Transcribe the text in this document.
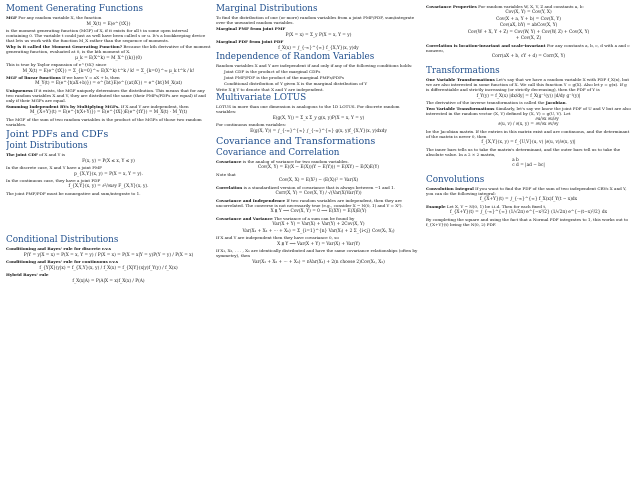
Moment Generating Functions

MGF For any random variable X, the function

M_X(t) = E(e^{tX})

is the moment generating function (MGF) of X, if it exists for all t in some open interval containing 0. The variable t could just as well have been called s or u. It's a bookkeeping device that lets us work with the function M_X rather than the sequence of moments.

Why is it called the Moment Generating Function? Because the kth derivative of the moment generating function, evaluated at 0, is the kth moment of X.

μ_k = E(X^k) = M_X^{(k)}(0)

This is true by Taylor expansion of e^{tX} since

M_X(t) = E(e^{tX}) = Σ_{k=0}^∞ E(X^k) t^k / k! = Σ_{k=0}^∞ μ_k t^k / k!

MGF of linear functions If we have Y = aX + b, then

M_Y(t) = E(e^{t(aX+b)}) = e^{bt}E(e^{(at)X}) = e^{bt}M_X(at)

Uniqueness If it exists, the MGF uniquely determines the distribution. This means that for any two random variables X and Y, they are distributed the same (their PMFs/PDFs are equal) if and only if their MGFs are equal.

Summing Independent RVs by Multiplying MGFs. If X and Y are independent, then

M_{X+Y}(t) = E(e^{t(X+Y)}) = E(e^{tX})E(e^{tY}) = M_X(t) · M_Y(t)

The MGF of the sum of two random variables is the product of the MGFs of those two random variables.

Joint PDFs and CDFs
Joint Distributions

The joint CDF of X and Y is

F(x, y) = P(X ≤ x, Y ≤ y)

In the discrete case, X and Y have a joint PMF

p_{X,Y}(x, y) = P(X = x, Y = y).

In the continuous case, they have a joint PDF

f_{X,Y}(x, y) = ∂²/∂x∂y F_{X,Y}(x, y).

The joint PMF/PDF must be nonnegative and sum/integrate to 1.

Conditional Distributions

Conditioning and Bayes' rule for discrete r.v.s

P(Y = y|X = x) = P(X = x, Y = y) / P(X = x) = P(X = x|Y = y)P(Y = y) / P(X = x)

Conditioning and Bayes' rule for continuous r.v.s

f_{Y|X}(y|x) = f_{X,Y}(x, y) / f_X(x) = f_{X|Y}(x|y)f_Y(y) / f_X(x)

Hybrid Bayes' rule

f_X(x|A) = P(A|X = x)f_X(x) / P(A)
Marginal Distributions

To find the distribution of one (or more) random variables from a joint PMF/PDF, sum/integrate over the unwanted random variables.

Marginal PMF from joint PMF

P(X = x) = Σ_y P(X = x, Y = y)

Marginal PDF from joint PDF

f_X(x) = ∫_{-∞}^{∞} f_{X,Y}(x, y)dy
Independence of Random Variables

Random variables X and Y are independent if and only if any of the following conditions holds:

• Joint CDF is the product of the marginal CDFs
• Joint PMF/PDF is the product of the marginal PMFs/PDFs
• Conditional distribution of Y given X is the marginal distribution of Y

Write X ⫫ Y to denote that X and Y are independent.

Multivariate LOTUS

LOTUS in more than one dimension is analogous to the 1D LOTUS. For discrete random variables:

E(g(X, Y)) = Σ_x Σ_y g(x, y)P(X = x, Y = y)

For continuous random variables:

E(g(X, Y)) = ∫_{-∞}^{∞} ∫_{-∞}^{∞} g(x, y)f_{X,Y}(x, y)dxdy
Covariance and Transformations
Covariance and Correlation

Covariance is the analog of variance for two random variables.

Cov(X, Y) = E((X − E(X))(Y − E(Y))) = E(XY) − E(X)E(Y)

Note that

Cov(X, X) = E(X²) − (E(X))² = Var(X)

Correlation is a standardized version of covariance that is always between −1 and 1.

Corr(X, Y) = Cov(X, Y) / √(Var(X)Var(Y))

Covariance and Independence If two random variables are independent, then they are uncorrelated. The converse is not necessarily true (e.g., consider X ~ N(0, 1) and Y = X²).

X ⫫ Y ⟹ Cov(X, Y) = 0 ⟹ E(XY) = E(X)E(Y)

Covariance and Variance The variance of a sum can be found by

Var(X + Y) = Var(X) + Var(Y) + 2Cov(X, Y)
Var(X₁ + X₂ + ··· + Xₙ) = Σ_{i=1}^{n} Var(Xᵢ) + 2 Σ_{i<j} Cov(Xᵢ, Xⱼ)

If X and Y are independent then they have covariance 0, so

X ⫫ Y ⟹ Var(X + Y) = Var(X) + Var(Y)

If X₁, X₂, . . . , Xₙ are identically distributed and have the same covariance relationships (often by symmetry), then

Var(X₁ + X₂ + ··· + Xₙ) = nVar(X₁) + 2(n choose 2)Cov(X₁, X₂)

Covariance Properties For random variables W, X, Y, Z and constants a, b:

Cov(X, Y) = Cov(Y, X)
Cov(X + a, Y + b) = Cov(X, Y)
Cov(aX, bY) = abCov(X, Y)
Cov(W + X, Y + Z) = Cov(W, Y) + Cov(W, Z) + Cov(X, Y)
+ Cov(X, Z)

Correlation is location-invariant and scale-invariant For any constants a, b, c, d with a and c nonzero,

Corr(aX + b, cY + d) = Corr(X, Y)
Transformations

One Variable Transformations Let's say that we have a random variable X with PDF f_X(x), but we are also interested in some function of X. We call this function Y = g(X). Also let y = g(x). If g is differentiable and strictly increasing (or strictly decreasing), then the PDF of Y is

f_Y(y) = f_X(x) |dx/dy| = f_X(g⁻¹(y)) |d/dy g⁻¹(y)|

The derivative of the inverse transformation is called the Jacobian.

Two Variable Transformations Similarly, let's say we know the joint PDF of U and V but are also interested in the random vector (X, Y) defined by (X, Y) = g(U, V). Let

∂(u, v) / ∂(x, y) =
∂u/∂x ∂u/∂y
∂v/∂x ∂v/∂y

be the Jacobian matrix. If the entries in this matrix exist and are continuous, and the determinant of the matrix is never 0, then

f_{X,Y}(x, y) = f_{U,V}(u, v) |∂(u, v)/∂(x, y)|

The inner bars tells us to take the matrix's determinant, and the outer bars tell us to take the absolute value. In a 2 × 2 matrix,

a b
c d = |ad − bc|
Convolutions

Convolution Integral If you want to find the PDF of the sum of two independent CRVs X and Y, you can do the following integral:

f_{X+Y}(t) = ∫_{-∞}^{∞} f_X(x)f_Y(t − x)dx

Example Let X, Y ~ N(0, 1) be i.i.d. Then for each fixed t,

f_{X+Y}(t) = ∫_{-∞}^{∞} (1/√2π) e^{−x²/2} (1/√2π) e^{−(t−x)²/2} dx

By completing the square and using the fact that a Normal PDF integrates to 1, this works out to f_{X+Y}(t) being the N(0, 2) PDF.
